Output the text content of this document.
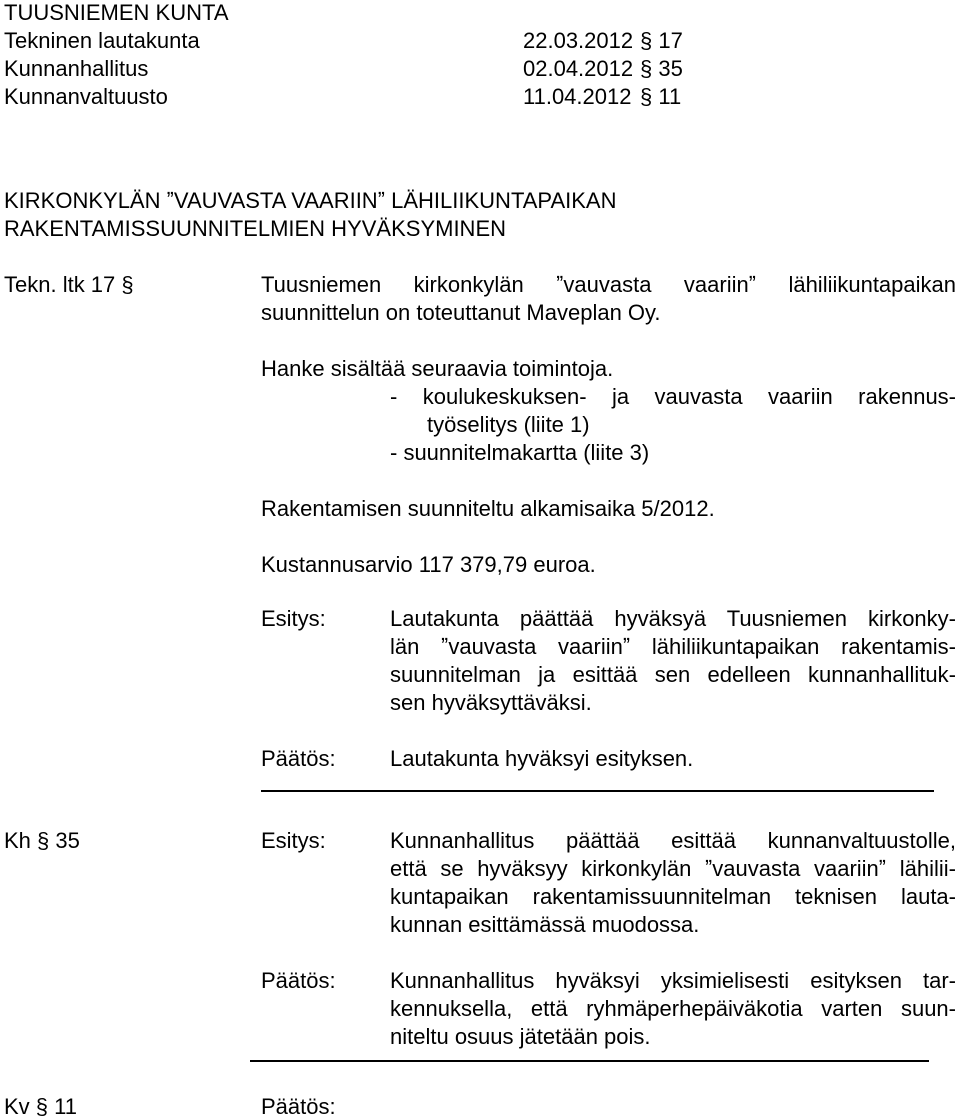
TUUSNIEMEN KUNTA
Tekninen lautakunta	22.03.2012 § 17
Kunnanhallitus	02.04.2012 § 35
Kunnanvaltuusto	11.04.2012 § 11
KIRKONKYLÄN ˮVAUVASTA VAARIINˮ LÄHILIIKUNTAPAIKAN
RAKENTAMISSUUNNITELMIEN HYVÄKSYMINEN
Tekn. ltk 17 §	Tuusniemen kirkonkylän ˮvauvasta vaariinˮ lähiliikuntapaikan
suunnittelun on toteuttanut Maveplan Oy.
Hanke sisältää seuraavia toimintoja.
- koulukeskuksen- ja vauvasta vaariin rakennus-
työselitys (liite 1)
- suunnitelmakartta (liite 3)
Rakentamisen suunniteltu alkamisaika 5/2012.
Kustannusarvio 117 379,79 euroa.
Esitys:	Lautakunta päättää hyväksyä Tuusniemen kirkonky-
län ˮvauvasta vaariinˮ lähiliikuntapaikan rakentamis-
suunnitelman ja esittää sen edelleen kunnanhallituk-
sen hyväksyttäväksi.
Päätös: Lautakunta hyväksyi esityksen.
Kh § 35	Esitys:	Kunnanhallitus päättää esittää kunnanvaltuustolle,
että se hyväksyy kirkonkylän ˮvauvasta vaariinˮ lähilii-
kuntapaikan rakentamissuunnitelman teknisen lauta-
kunnan esittämässä muodossa.
Päätös: Kunnanhallitus hyväksyi yksimielisesti esityksen tar-
kennuksella, että ryhmäperhepäiväkotia varten suun-
niteltu osuus jätetään pois.
Kv § 11	Päätös:
